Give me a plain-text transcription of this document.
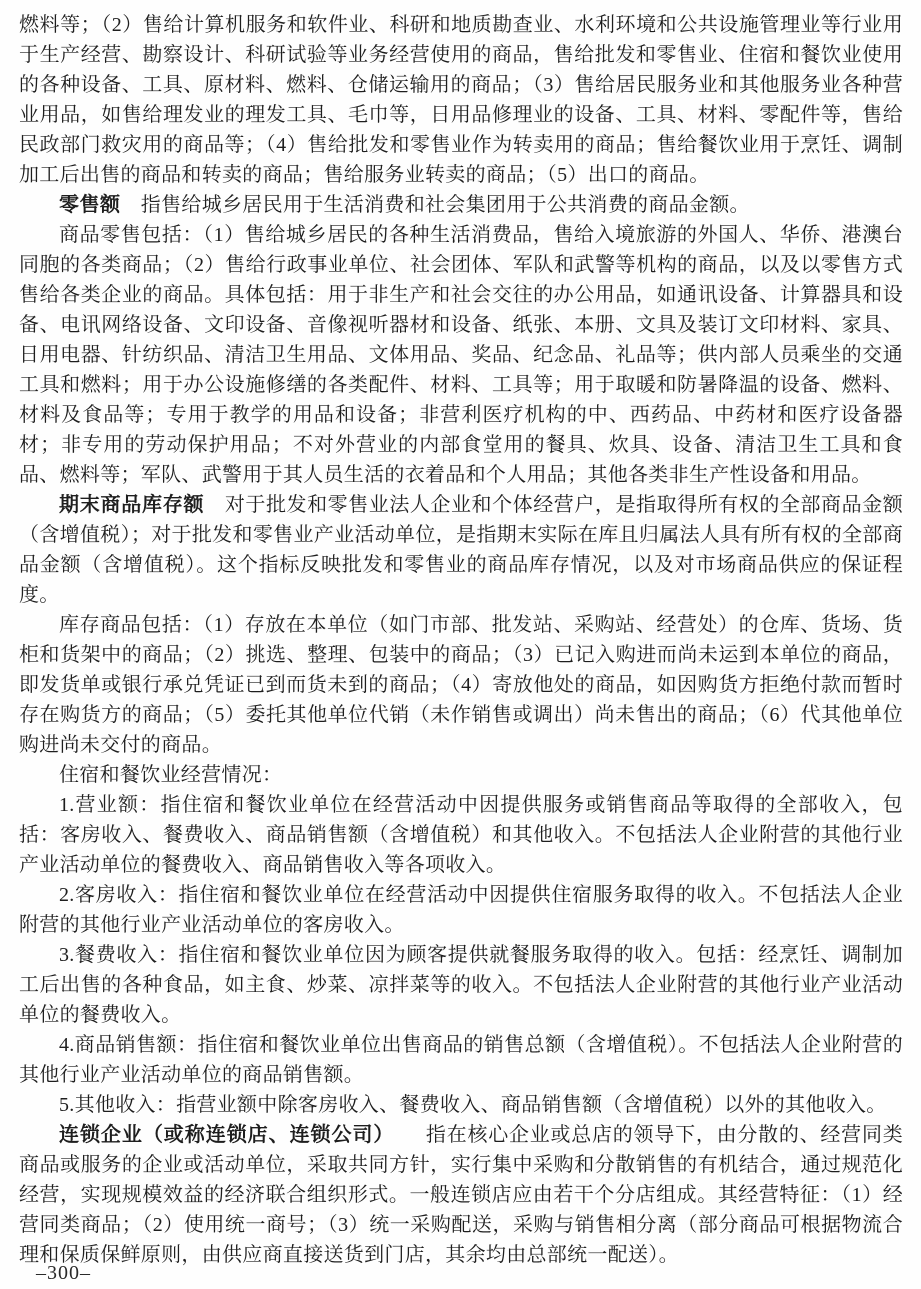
燃料等；（2）售给计算机服务和软件业、科研和地质勘查业、水利环境和公共设施管理业等行业用于生产经营、勘察设计、科研试验等业务经营使用的商品，售给批发和零售业、住宿和餐饮业使用的各种设备、工具、原材料、燃料、仓储运输用的商品；（3）售给居民服务业和其他服务业各种营业用品，如售给理发业的理发工具、毛巾等，日用品修理业的设备、工具、材料、零配件等，售给民政部门救灾用的商品等；（4）售给批发和零售业作为转卖用的商品；售给餐饮业用于烹饪、调制加工后出售的商品和转卖的商品；售给服务业转卖的商品；（5）出口的商品。

零售额　指售给城乡居民用于生活消费和社会集团用于公共消费的商品金额。

商品零售包括：（1）售给城乡居民的各种生活消费品，售给入境旅游的外国人、华侨、港澳台同胞的各类商品；（2）售给行政事业单位、社会团体、军队和武警等机构的商品，以及以零售方式售给各类企业的商品。具体包括：用于非生产和社会交往的办公用品，如通讯设备、计算器具和设备、电讯网络设备、文印设备、音像视听器材和设备、纸张、本册、文具及装订文印材料、家具、日用电器、针纺织品、清洁卫生用品、文体用品、奖品、纪念品、礼品等；供内部人员乘坐的交通工具和燃料；用于办公设施修缮的各类配件、材料、工具等；用于取暖和防暑降温的设备、燃料、材料及食品等；专用于教学的用品和设备；非营利医疗机构的中、西药品、中药材和医疗设备器材；非专用的劳动保护用品；不对外营业的内部食堂用的餐具、炊具、设备、清洁卫生工具和食品、燃料等；军队、武警用于其人员生活的衣着品和个人用品；其他各类非生产性设备和用品。

期末商品库存额　对于批发和零售业法人企业和个体经营户，是指取得所有权的全部商品金额（含增值税）；对于批发和零售业产业活动单位，是指期末实际在库且归属法人具有所有权的全部商品金额（含增值税）。这个指标反映批发和零售业的商品库存情况，以及对市场商品供应的保证程度。

库存商品包括：（1）存放在本单位（如门市部、批发站、采购站、经营处）的仓库、货场、货柜和货架中的商品；（2）挑选、整理、包装中的商品；（3）已记入购进而尚未运到本单位的商品，即发货单或银行承兑凭证已到而货未到的商品；（4）寄放他处的商品，如因购货方拒绝付款而暂时存在购货方的商品；（5）委托其他单位代销（未作销售或调出）尚未售出的商品；（6）代其他单位购进尚未交付的商品。

住宿和餐饮业经营情况：

1.营业额：指住宿和餐饮业单位在经营活动中因提供服务或销售商品等取得的全部收入，包括：客房收入、餐费收入、商品销售额（含增值税）和其他收入。不包括法人企业附营的其他行业产业活动单位的餐费收入、商品销售收入等各项收入。

2.客房收入：指住宿和餐饮业单位在经营活动中因提供住宿服务取得的收入。不包括法人企业附营的其他行业产业活动单位的客房收入。

3.餐费收入：指住宿和餐饮业单位因为顾客提供就餐服务取得的收入。包括：经烹饪、调制加工后出售的各种食品，如主食、炒菜、凉拌菜等的收入。不包括法人企业附营的其他行业产业活动单位的餐费收入。

4.商品销售额：指住宿和餐饮业单位出售商品的销售总额（含增值税）。不包括法人企业附营的其他行业产业活动单位的商品销售额。

5.其他收入：指营业额中除客房收入、餐费收入、商品销售额（含增值税）以外的其他收入。

连锁企业（或称连锁店、连锁公司）　　指在核心企业或总店的领导下，由分散的、经营同类商品或服务的企业或活动单位，采取共同方针，实行集中采购和分散销售的有机结合，通过规范化经营，实现规模效益的经济联合组织形式。一般连锁店应由若干个分店组成。其经营特征：（1）经营同类商品；（2）使用统一商号；（3）统一采购配送，采购与销售相分离（部分商品可根据物流合理和保质保鲜原则，由供应商直接送货到门店，其余均由总部统一配送）。

–300–
